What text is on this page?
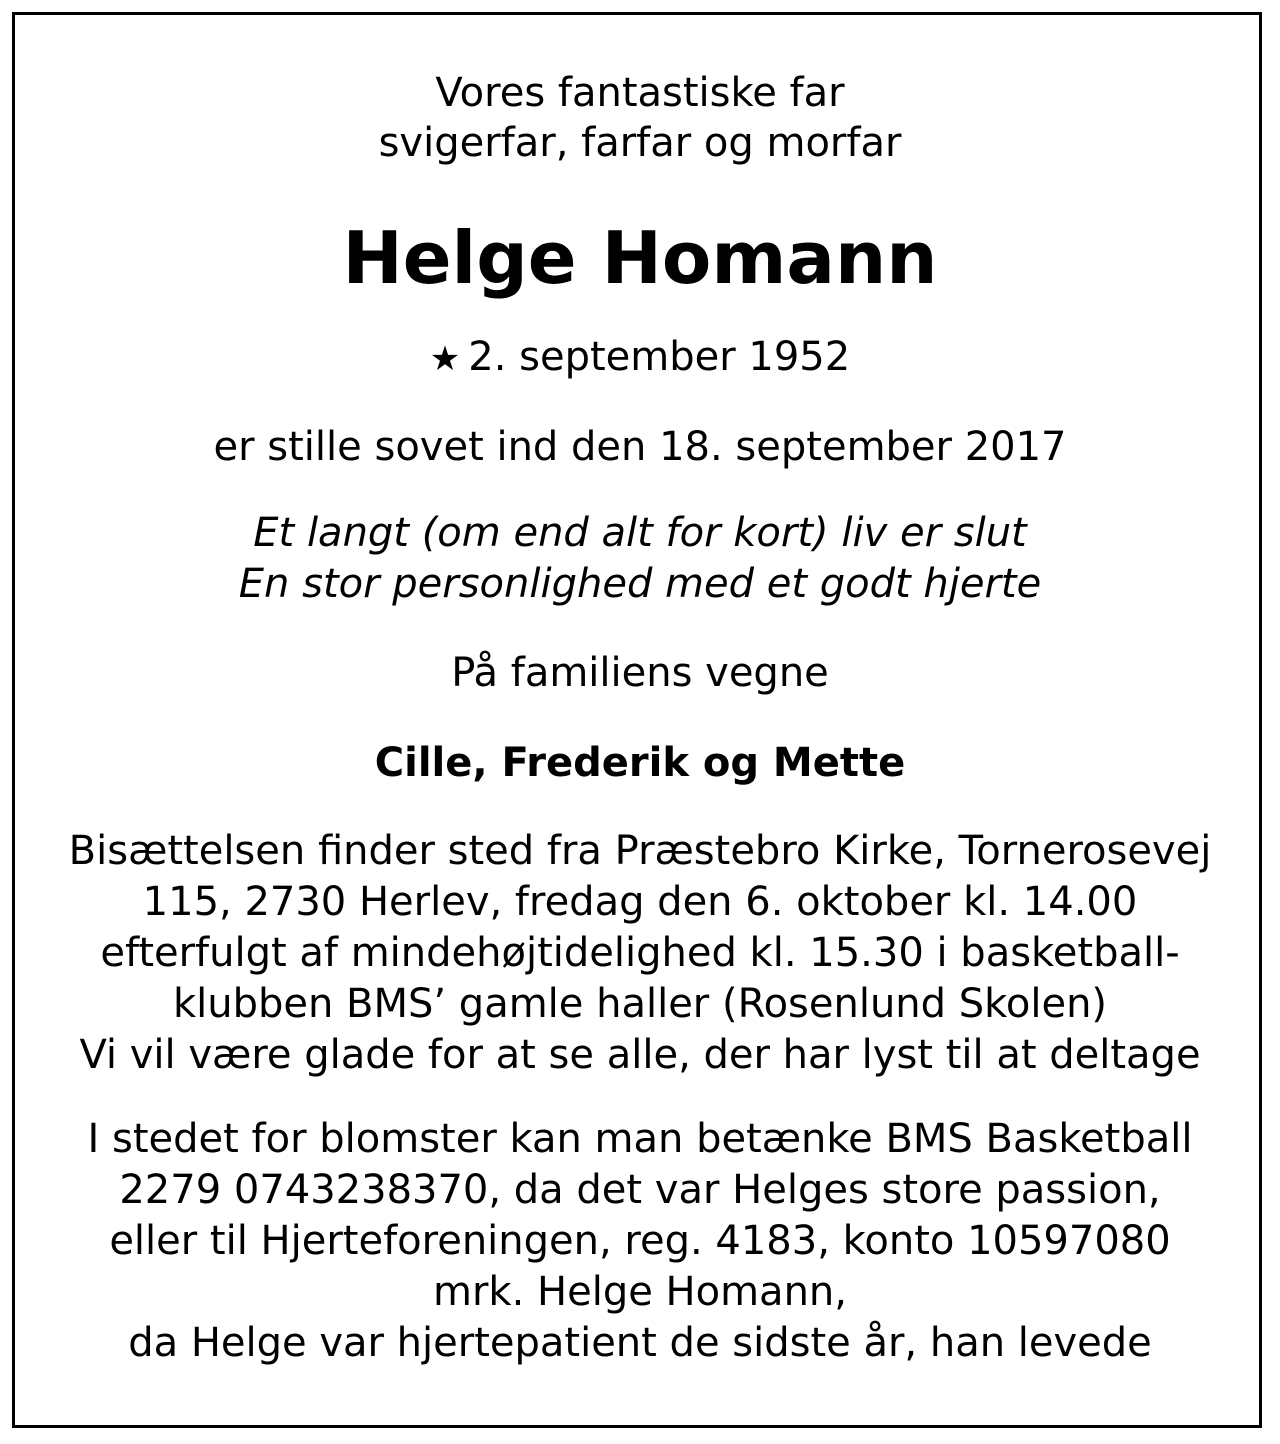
Vores fantastiske far
svigerfar, farfar og morfar
Helge Homann
★ 2. september 1952
er stille sovet ind den 18. september 2017
Et langt (om end alt for kort) liv er slut
En stor personlighed med et godt hjerte
På familiens vegne
Cille, Frederik og Mette
Bisættelsen finder sted fra Præstebro Kirke, Tornerosevej
115, 2730 Herlev, fredag den 6. oktober kl. 14.00
efterfulgt af mindehøjtidelighed kl. 15.30 i basketball-
klubben BMS’ gamle haller (Rosenlund Skolen)
Vi vil være glade for at se alle, der har lyst til at deltage
I stedet for blomster kan man betænke BMS Basketball
2279 0743238370, da det var Helges store passion,
eller til Hjerteforeningen, reg. 4183, konto 10597080
mrk. Helge Homann,
da Helge var hjertepatient de sidste år, han levede
